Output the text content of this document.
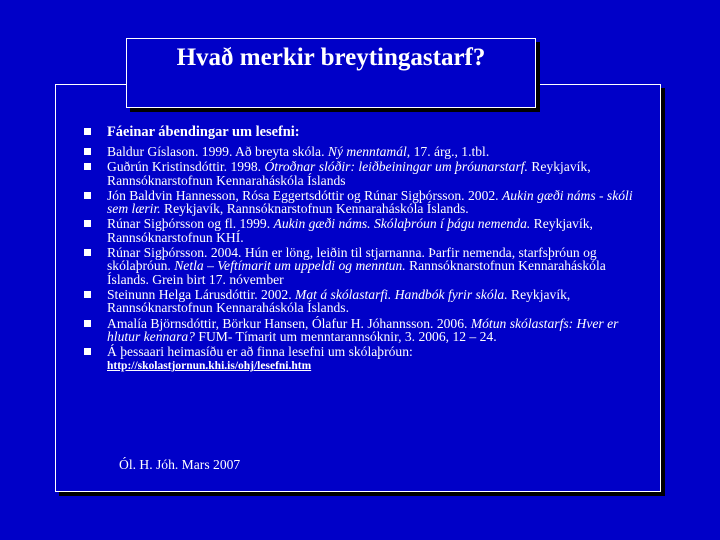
Hvað merkir breytingastarf?
Fáeinar ábendingar um lesefni:
Baldur Gíslason. 1999. Að breyta skóla. Ný menntamál, 17. árg., 1.tbl.
Guðrún Kristinsdóttir. 1998. Ótroðnar slóðir: leiðbeiningar um þróunarstarf. Reykjavík, Rannsóknarstofnun Kennaraháskóla Íslands
Jón Baldvin Hannesson, Rósa Eggertsdóttir og Rúnar Sigþórsson. 2002. Aukin gæði náms - skóli sem lærir. Reykjavík, Rannsóknarstofnun Kennaraháskóla Íslands.
Rúnar Sigþórsson og fl. 1999. Aukin gæði náms. Skólaþróun í þágu nemenda. Reykjavík, Rannsóknarstofnun KHÍ.
Rúnar Sigþórsson. 2004. Hún er löng, leiðin til stjarnanna. Þarfir nemenda, starfsþróun og skólaþróun. Netla – Veftímarit um uppeldi og menntun. Rannsóknarstofnun Kennaraháskóla Íslands. Grein birt 17. nóvember
Steinunn Helga Lárusdóttir. 2002. Mat á skólastarfi. Handbók fyrir skóla. Reykjavík, Rannsóknarstofnun Kennaraháskóla Íslands.
Amalía Björnsdóttir, Börkur Hansen, Ólafur H. Jóhannsson. 2006. Mótun skólastarfs: Hver er hlutur kennara? FUM- Tímarit um menntarannsóknir, 3. 2006, 12 – 24.
Á þessaari heimasíðu er að finna lesefni um skólaþróun:
http://skolastjornun.khi.is/ohj/lesefni.htm

Ól. H. Jóh. Mars 2007
